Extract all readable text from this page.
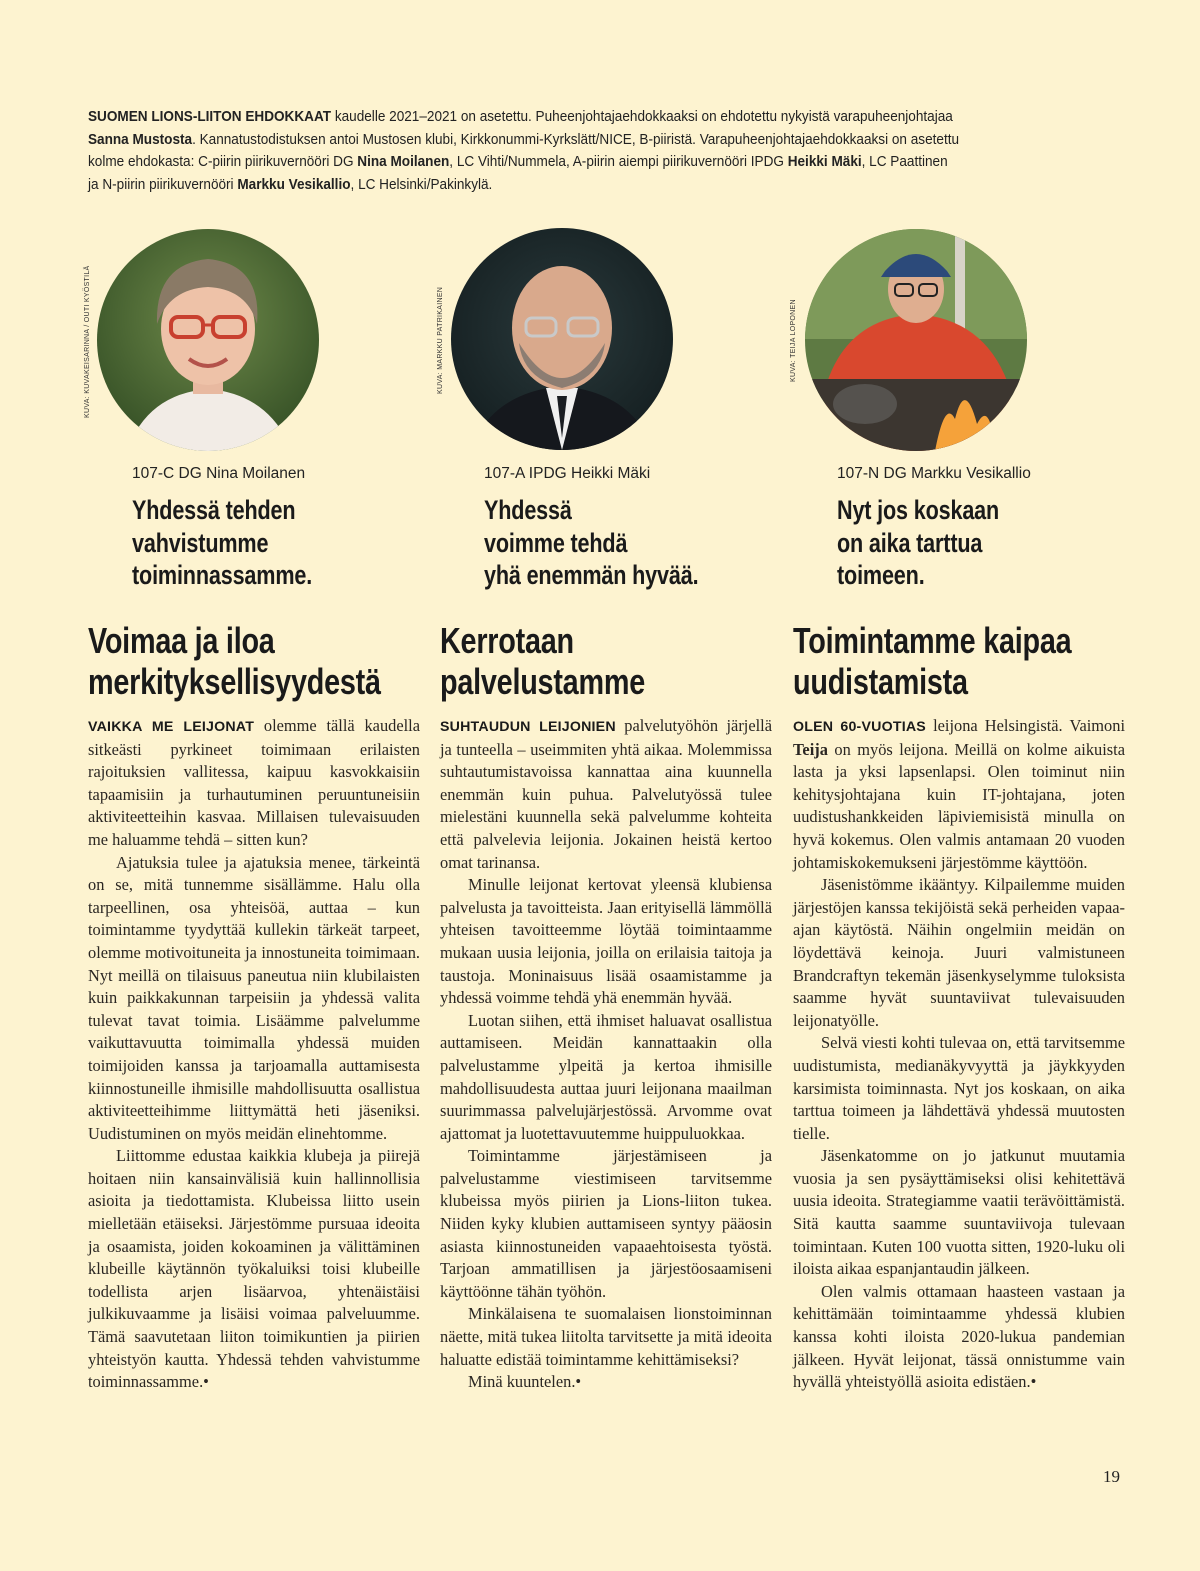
SUOMEN LIONS-LIITON EHDOKKAAT kaudelle 2021–2021 on asetettu. Puheenjohtajaehdokkaaksi on ehdotettu nykyistä varapuheenjohtajaa
Sanna Mustosta. Kannatustodistuksen antoi Mustosen klubi, Kirkkonummi-Kyrkslätt/NICE, B-piiristä. Varapuheenjohtajaehdokkaaksi on asetettu
kolme ehdokasta: C-piirin piirikuvernööri DG Nina Moilanen, LC Vihti/Nummela, A-piirin aiempi piirikuvernööri IPDG Heikki Mäki, LC Paattinen
ja N-piirin piirikuvernööri Markku Vesikallio, LC Helsinki/Pakinkylä.
KUVA: KUVAKEISARINNA / OUTI KYÖSTILÄ	KUVA: MARKKU PATRIKAINEN	KUVA: TEIJA LOPONEN
107-C DG Nina Moilanen
Yhdessä tehden
vahvistumme
toiminnassamme.
107-A IPDG Heikki Mäki
Yhdessä
voimme tehdä
yhä enemmän hyvää.
107-N DG Markku Vesikallio
Nyt jos koskaan
on aika tarttua
toimeen.
Voimaa ja iloa
merkityksellisyydestä
Kerrotaan
palvelustamme
Toimintamme kaipaa
uudistamista

VAIKKA ME LEIJONAT olemme tällä kaudella sitkeästi pyrkineet toimimaan erilaisten rajoituksien vallitessa, kaipuu kasvokkaisiin tapaamisiin ja turhautuminen peruuntuneisiin aktiviteetteihin kasvaa. Millaisen tulevaisuuden me haluamme tehdä – sitten kun?

Ajatuksia tulee ja ajatuksia menee, tärkeintä on se, mitä tunnemme sisällämme. Halu olla tarpeellinen, osa yhteisöä, auttaa – kun toimintamme tyydyttää kullekin tärkeät tarpeet, olemme motivoituneita ja innostuneita toimimaan. Nyt meillä on tilaisuus paneutua niin klubilaisten kuin paikkakunnan tarpeisiin ja yhdessä valita tulevat tavat toimia. Lisäämme palvelumme vaikuttavuutta toimimalla yhdessä muiden toimijoiden kanssa ja tarjoamalla auttamisesta kiinnostuneille ihmisille mahdollisuutta osallistua aktiviteetteihimme liittymättä heti jäseniksi. Uudistuminen on myös meidän elinehtomme.

Liittomme edustaa kaikkia klubeja ja piirejä hoitaen niin kansainvälisiä kuin hallinnollisia asioita ja tiedottamista. Klubeissa liitto usein mielletään etäiseksi. Järjestömme pursuaa ideoita ja osaamista, joiden kokoaminen ja välittäminen klubeille käytännön työkaluiksi toisi klubeille todellista arjen lisäarvoa, yhtenäistäisi julkikuvaamme ja lisäisi voimaa palveluumme. Tämä saavutetaan liiton toimikuntien ja piirien yhteistyön kautta. Yhdessä tehden vahvistumme toiminnassamme.•

SUHTAUDUN LEIJONIEN palvelutyöhön järjellä ja tunteella – useimmiten yhtä aikaa. Molemmissa suhtautumistavoissa kannattaa aina kuunnella enemmän kuin puhua. Palvelutyössä tulee mielestäni kuunnella sekä palvelumme kohteita että palvelevia leijonia. Jokainen heistä kertoo omat tarinansa.

Minulle leijonat kertovat yleensä klubiensa palvelusta ja tavoitteista. Jaan erityisellä lämmöllä yhteisen tavoitteemme löytää toimintaamme mukaan uusia leijonia, joilla on erilaisia taitoja ja taustoja. Moninaisuus lisää osaamistamme ja yhdessä voimme tehdä yhä enemmän hyvää.

Luotan siihen, että ihmiset haluavat osallistua auttamiseen. Meidän kannattaakin olla palvelustamme ylpeitä ja kertoa ihmisille mahdollisuudesta auttaa juuri leijonana maailman suurimmassa palvelujärjestössä. Arvomme ovat ajattomat ja luotettavuutemme huippuluokkaa.

Toimintamme järjestämiseen ja palvelustamme viestimiseen tarvitsemme klubeissa myös piirien ja Lions-liiton tukea. Niiden kyky klubien auttamiseen syntyy pääosin asiasta kiinnostuneiden vapaaehtoisesta työstä. Tarjoan ammatillisen ja järjestöosaamiseni käyttöönne tähän työhön.

Minkälaisena te suomalaisen lionstoiminnan näette, mitä tukea liitolta tarvitsette ja mitä ideoita haluatte edistää toimintamme kehittämiseksi?

Minä kuuntelen.•

OLEN 60-VUOTIAS leijona Helsingistä. Vaimoni Teija on myös leijona. Meillä on kolme aikuista lasta ja yksi lapsenlapsi. Olen toiminut niin kehitysjohtajana kuin IT-johtajana, joten uudistushankkeiden läpiviemisistä minulla on hyvä kokemus. Olen valmis antamaan 20 vuoden johtamiskokemukseni järjestömme käyttöön.

Jäsenistömme ikääntyy. Kilpailemme muiden järjestöjen kanssa tekijöistä sekä perheiden vapaa-ajan käytöstä. Näihin ongelmiin meidän on löydettävä keinoja. Juuri valmistuneen Brandcraftyn tekemän jäsenkyselymme tuloksista saamme hyvät suuntaviivat tulevaisuuden leijonatyölle.

Selvä viesti kohti tulevaa on, että tarvitsemme uudistumista, medianäkyvyyttä ja jäykkyyden karsimista toiminnasta. Nyt jos koskaan, on aika tarttua toimeen ja lähdettävä yhdessä muutosten tielle.

Jäsenkatomme on jo jatkunut muutamia vuosia ja sen pysäyttämiseksi olisi kehitettävä uusia ideoita. Strategiamme vaatii terävöittämistä. Sitä kautta saamme suuntaviivoja tulevaan toimintaan. Kuten 100 vuotta sitten, 1920-luku oli iloista aikaa espanjantaudin jälkeen.

Olen valmis ottamaan haasteen vastaan ja kehittämään toimintaamme yhdessä klubien kanssa kohti iloista 2020-lukua pandemian jälkeen. Hyvät leijonat, tässä onnistumme vain hyvällä yhteistyöllä asioita edistäen.•

19
